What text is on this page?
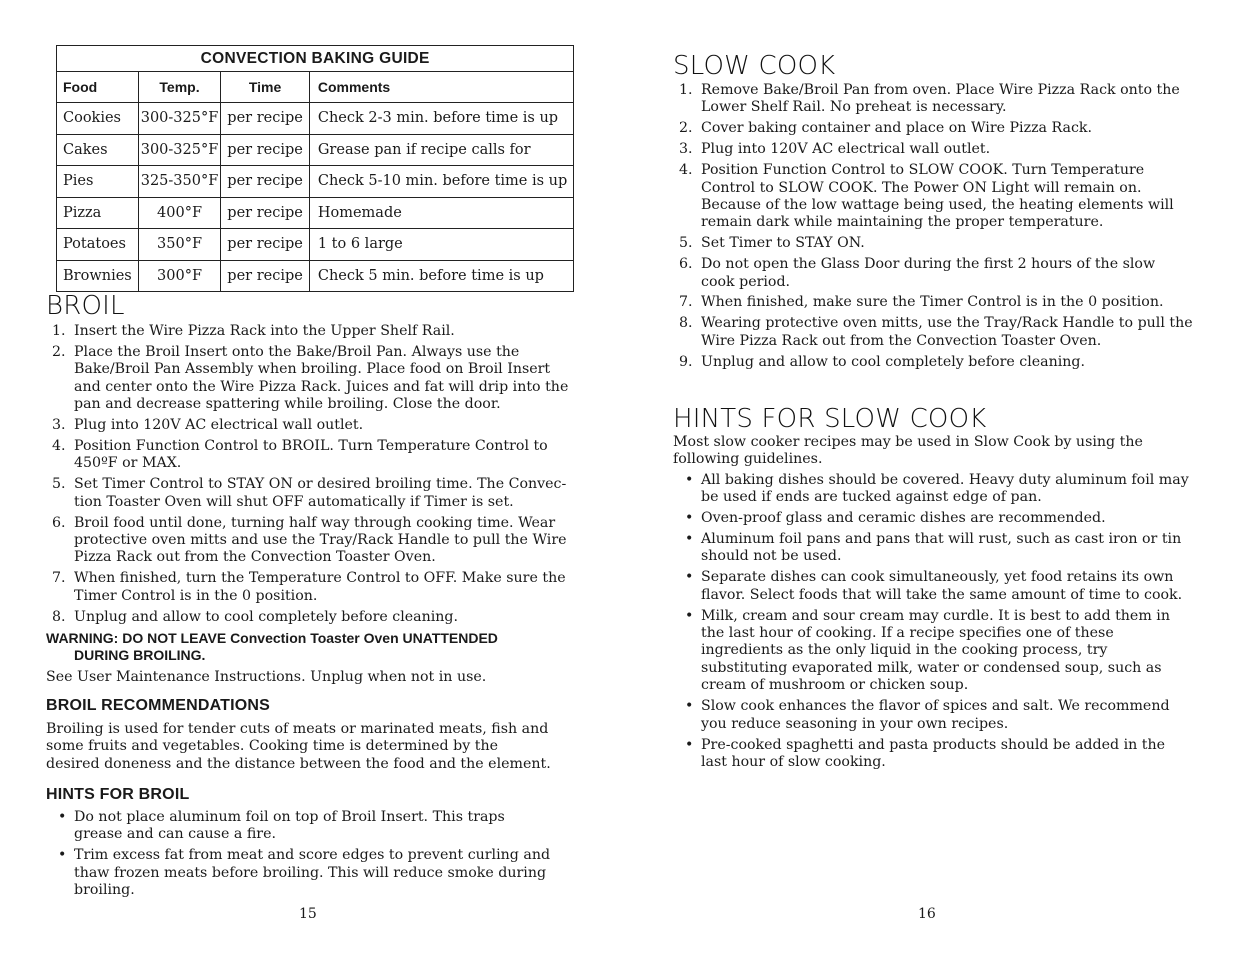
CONVECTION BAKING GUIDE			
Food	Temp.	Time	Comments
Cookies	300-325°F	per recipe	Check 2-3 min. before time is up
Cakes	300-325°F	per recipe	Grease pan if recipe calls for
Pies	325-350°F	per recipe	Check 5-10 min. before time is up
Pizza	400°F	per recipe	Homemade
Potatoes	350°F	per recipe	1 to 6 large
Brownies	300°F	per recipe	Check 5 min. before time is up
BROIL
1. Insert the Wire Pizza Rack into the Upper Shelf Rail.
2. Place the Broil Insert onto the Bake/Broil Pan. Always use the Bake/Broil Pan Assembly when broiling. Place food on Broil Insert and center onto the Wire Pizza Rack. Juices and fat will drip into the pan and decrease spattering while broiling. Close the door.
3. Plug into 120V AC electrical wall outlet.
4. Position Function Control to BROIL. Turn Temperature Control to 450ºF or MAX.
5. Set Timer Control to STAY ON or desired broiling time. The Convec-tion Toaster Oven will shut OFF automatically if Timer is set.
6. Broil food until done, turning half way through cooking time. Wear protective oven mitts and use the Tray/Rack Handle to pull the Wire Pizza Rack out from the Convection Toaster Oven.
7. When finished, turn the Temperature Control to OFF. Make sure the Timer Control is in the 0 position.
8. Unplug and allow to cool completely before cleaning.
WARNING: DO NOT LEAVE Convection Toaster Oven UNATTENDED
DURING BROILING.

See User Maintenance Instructions. Unplug when not in use.

BROIL RECOMMENDATIONS

Broiling is used for tender cuts of meats or marinated meats, fish and some fruits and vegetables. Cooking time is determined by the desired doneness and the distance between the food and the element.

HINTS FOR BROIL
• Do not place aluminum foil on top of Broil Insert. This traps grease and can cause a fire.
• Trim excess fat from meat and score edges to prevent curling and thaw frozen meats before broiling. This will reduce smoke during broiling.
15
SLOW COOK
1. Remove Bake/Broil Pan from oven. Place Wire Pizza Rack onto the Lower Shelf Rail. No preheat is necessary.
2. Cover baking container and place on Wire Pizza Rack.
3. Plug into 120V AC electrical wall outlet.
4. Position Function Control to SLOW COOK. Turn Temperature Control to SLOW COOK. The Power ON Light will remain on. Because of the low wattage being used, the heating elements will remain dark while maintaining the proper temperature.
5. Set Timer to STAY ON.
6. Do not open the Glass Door during the first 2 hours of the slow cook period.
7. When finished, make sure the Timer Control is in the 0 position.
8. Wearing protective oven mitts, use the Tray/Rack Handle to pull the Wire Pizza Rack out from the Convection Toaster Oven.
9. Unplug and allow to cool completely before cleaning.
HINTS FOR SLOW COOK

Most slow cooker recipes may be used in Slow Cook by using the following guidelines.

• All baking dishes should be covered. Heavy duty aluminum foil may be used if ends are tucked against edge of pan.
• Oven-proof glass and ceramic dishes are recommended.
• Aluminum foil pans and pans that will rust, such as cast iron or tin should not be used.
• Separate dishes can cook simultaneously, yet food retains its own flavor. Select foods that will take the same amount of time to cook.
• Milk, cream and sour cream may curdle. It is best to add them in the last hour of cooking. If a recipe specifies one of these ingredients as the only liquid in the cooking process, try substituting evaporated milk, water or condensed soup, such as cream of mushroom or chicken soup.
• Slow cook enhances the flavor of spices and salt. We recommend you reduce seasoning in your own recipes.
• Pre-cooked spaghetti and pasta products should be added in the last hour of slow cooking.
16
